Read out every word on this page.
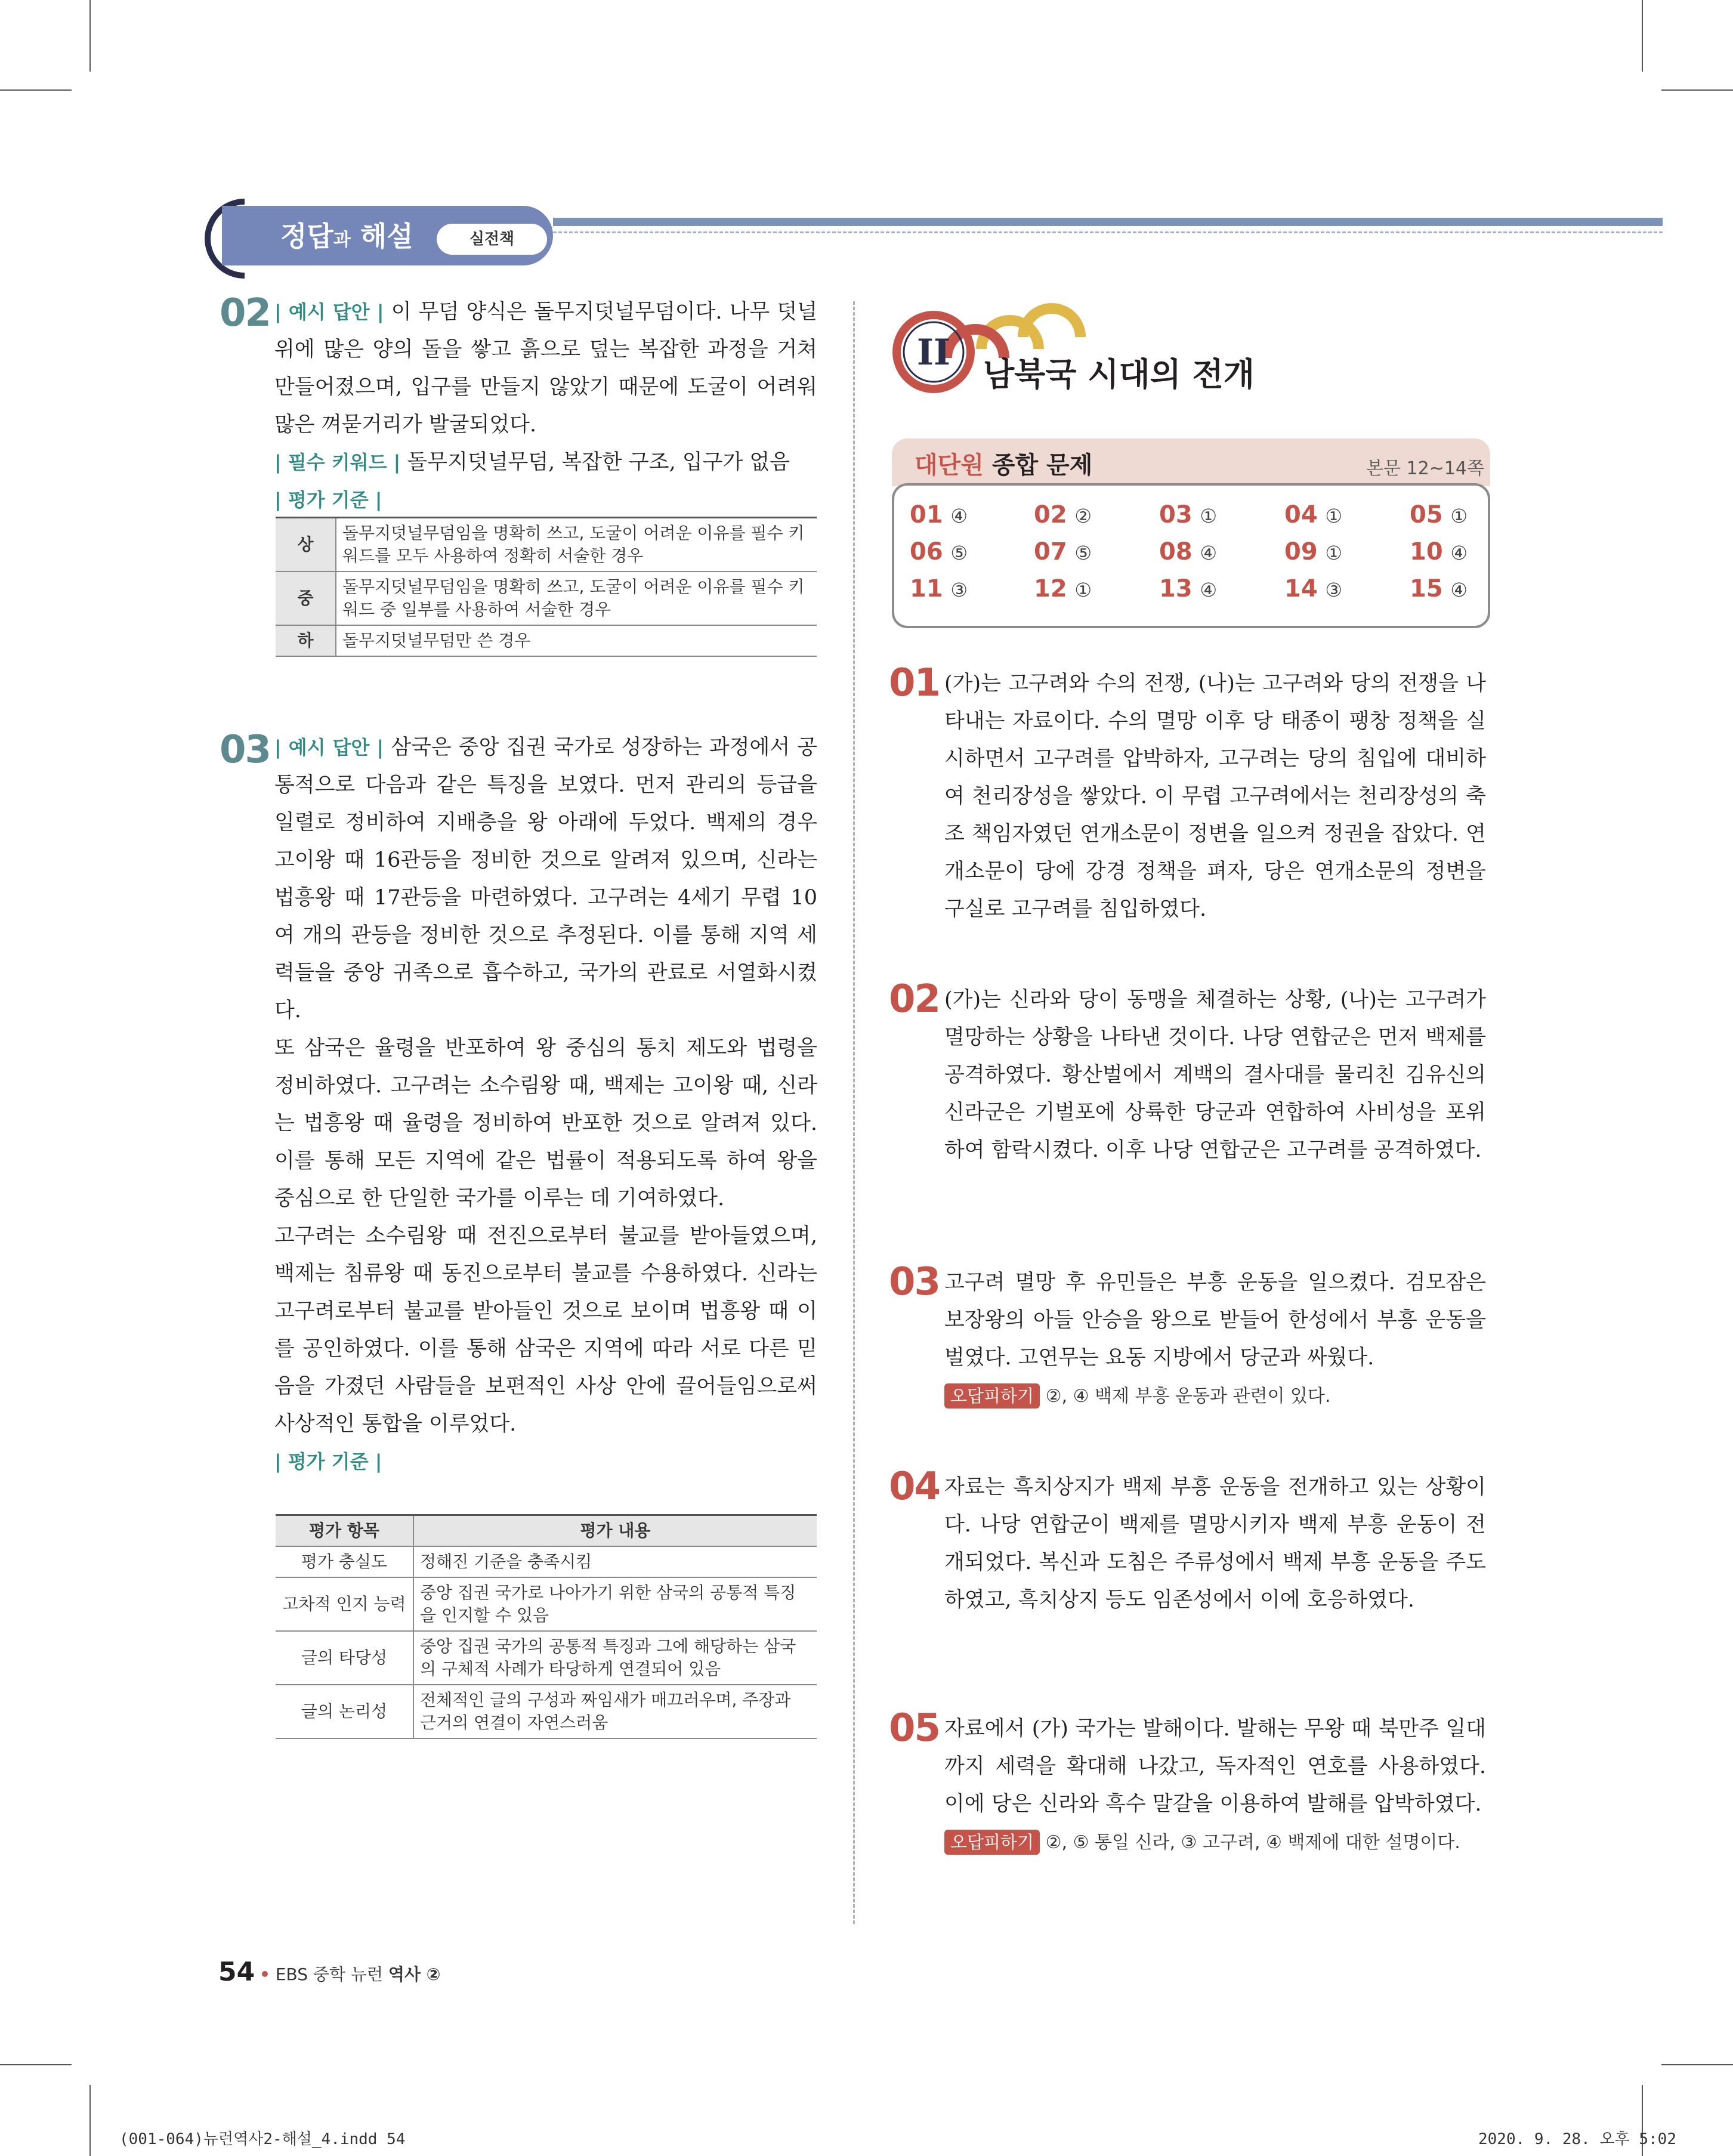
정답과 해설	실전책
02 | 예시 답안 | 이 무덤 양식은 돌무지덧널무덤이다. 나무 덧널 위에 많은 양의 돌을 쌓고 흙으로 덮는 복잡한 과정을 거쳐 만들어졌으며, 입구를 만들지 않았기 때문에 도굴이 어려워 많은 껴묻거리가 발굴되었다.

| 필수 키워드 | 돌무지덧널무덤, 복잡한 구조, 입구가 없음

| 평가 기준 |

상	돌무지덧널무덤임을 명확히 쓰고, 도굴이 어려운 이유를 필수 키워드를 모두 사용하여 정확히 서술한 경우
중	돌무지덧널무덤임을 명확히 쓰고, 도굴이 어려운 이유를 필수 키워드 중 일부를 사용하여 서술한 경우
하	돌무지덧널무덤만 쓴 경우
03 | 예시 답안 | 삼국은 중앙 집권 국가로 성장하는 과정에서 공통적으로 다음과 같은 특징을 보였다. 먼저 관리의 등급을 일렬로 정비하여 지배층을 왕 아래에 두었다. 백제의 경우 고이왕 때 16관등을 정비한 것으로 알려져 있으며, 신라는 법흥왕 때 17관등을 마련하였다. 고구려는 4세기 무렵 10여 개의 관등을 정비한 것으로 추정된다. 이를 통해 지역 세력들을 중앙 귀족으로 흡수하고, 국가의 관료로 서열화시켰다.

또 삼국은 율령을 반포하여 왕 중심의 통치 제도와 법령을 정비하였다. 고구려는 소수림왕 때, 백제는 고이왕 때, 신라는 법흥왕 때 율령을 정비하여 반포한 것으로 알려져 있다. 이를 통해 모든 지역에 같은 법률이 적용되도록 하여 왕을 중심으로 한 단일한 국가를 이루는 데 기여하였다.

고구려는 소수림왕 때 전진으로부터 불교를 받아들였으며, 백제는 침류왕 때 동진으로부터 불교를 수용하였다. 신라는 고구려로부터 불교를 받아들인 것으로 보이며 법흥왕 때 이를 공인하였다. 이를 통해 삼국은 지역에 따라 서로 다른 믿음을 가졌던 사람들을 보편적인 사상 안에 끌어들임으로써 사상적인 통합을 이루었다.

| 평가 기준 |

평가 항목	평가 내용
평가 충실도	정해진 기준을 충족시킴
고차적 인지 능력	중앙 집권 국가로 나아가기 위한 삼국의 공통적 특징을 인지할 수 있음
글의 타당성	중앙 집권 국가의 공통적 특징과 그에 해당하는 삼국의 구체적 사례가 타당하게 연결되어 있음
글의 논리성	전체적인 글의 구성과 짜임새가 매끄러우며, 주장과 근거의 연결이 자연스러움
II
남북국 시대의 전개
대단원 종합 문제	본문 12~14쪽
01 ④	02 ②	03 ①	04 ①	05 ①
06 ⑤	07 ⑤	08 ④	09 ①	10 ④
11 ③	12 ①	13 ④	14 ③	15 ④
01 (가)는 고구려와 수의 전쟁, (나)는 고구려와 당의 전쟁을 나타내는 자료이다. 수의 멸망 이후 당 태종이 팽창 정책을 실시하면서 고구려를 압박하자, 고구려는 당의 침입에 대비하여 천리장성을 쌓았다. 이 무렵 고구려에서는 천리장성의 축조 책임자였던 연개소문이 정변을 일으켜 정권을 잡았다. 연개소문이 당에 강경 정책을 펴자, 당은 연개소문의 정변을 구실로 고구려를 침입하였다.
02 (가)는 신라와 당이 동맹을 체결하는 상황, (나)는 고구려가 멸망하는 상황을 나타낸 것이다. 나당 연합군은 먼저 백제를 공격하였다. 황산벌에서 계백의 결사대를 물리친 김유신의 신라군은 기벌포에 상륙한 당군과 연합하여 사비성을 포위하여 함락시켰다. 이후 나당 연합군은 고구려를 공격하였다.
03 고구려 멸망 후 유민들은 부흥 운동을 일으켰다. 검모잠은 보장왕의 아들 안승을 왕으로 받들어 한성에서 부흥 운동을 벌였다. 고연무는 요동 지방에서 당군과 싸웠다.

오답피하기 ②, ④ 백제 부흥 운동과 관련이 있다.

04 자료는 흑치상지가 백제 부흥 운동을 전개하고 있는 상황이다. 나당 연합군이 백제를 멸망시키자 백제 부흥 운동이 전개되었다. 복신과 도침은 주류성에서 백제 부흥 운동을 주도하였고, 흑치상지 등도 임존성에서 이에 호응하였다.
05 자료에서 (가) 국가는 발해이다. 발해는 무왕 때 북만주 일대까지 세력을 확대해 나갔고, 독자적인 연호를 사용하였다. 이에 당은 신라와 흑수 말갈을 이용하여 발해를 압박하였다.

오답피하기 ②, ⑤ 통일 신라, ③ 고구려, ④ 백제에 대한 설명이다.

54 • EBS 중학 뉴런 역사 ②
(001-064)뉴런역사2-해설_4.indd 54	2020. 9. 28. 오후 5:02
